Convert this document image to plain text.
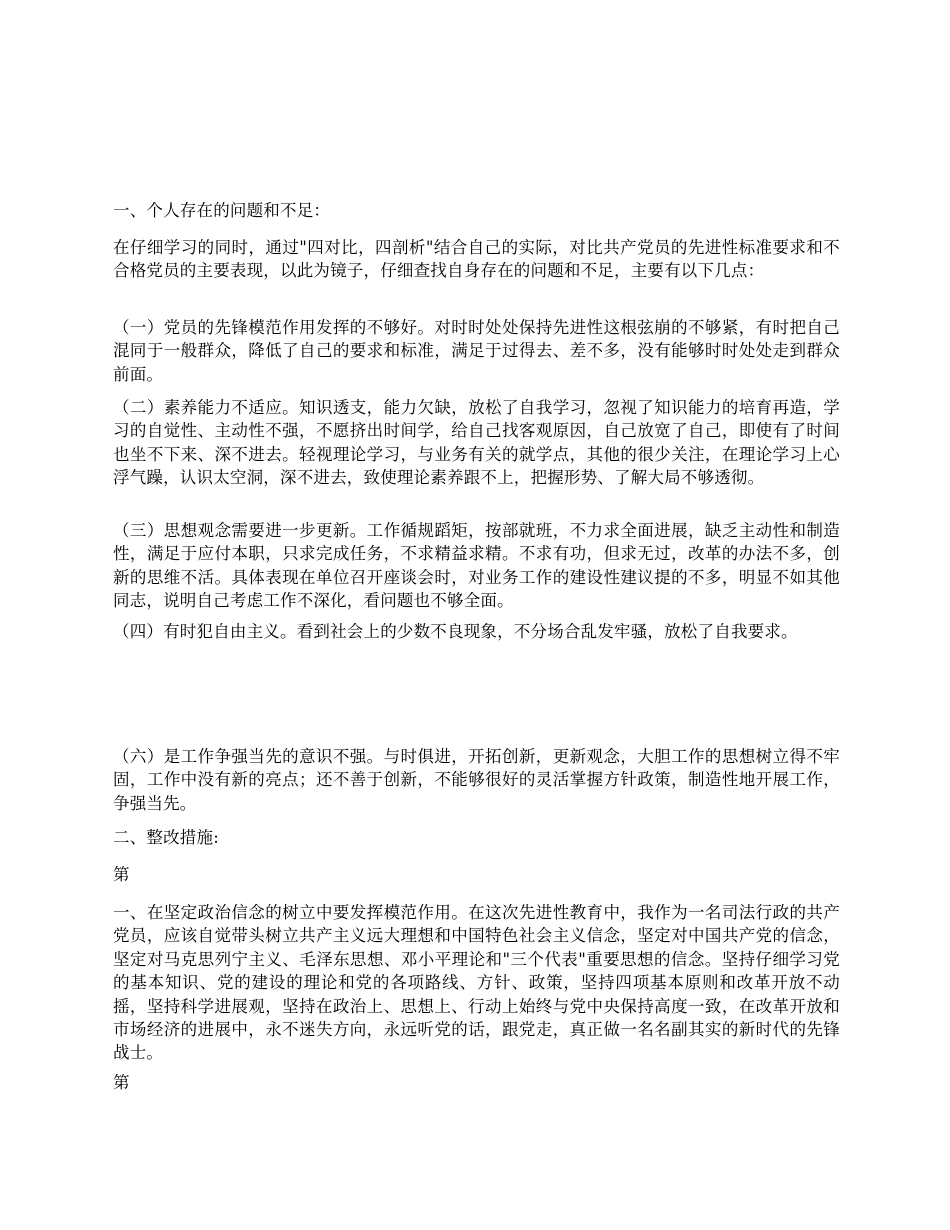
一、个人存在的问题和不足：

在仔细学习的同时，通过"四对比，四剖析"结合自己的实际，对比共产党员的先进性标准要求和不合格党员的主要表现，以此为镜子，仔细查找自身存在的问题和不足，主要有以下几点：

（一）党员的先锋模范作用发挥的不够好。对时时处处保持先进性这根弦崩的不够紧，有时把自己混同于一般群众，降低了自己的要求和标准，满足于过得去、差不多，没有能够时时处处走到群众前面。

（二）素养能力不适应。知识透支，能力欠缺，放松了自我学习，忽视了知识能力的培育再造，学习的自觉性、主动性不强，不愿挤出时间学，给自己找客观原因，自己放宽了自己，即使有了时间也坐不下来、深不进去。轻视理论学习，与业务有关的就学点，其他的很少关注，在理论学习上心浮气躁，认识太空洞，深不进去，致使理论素养跟不上，把握形势、了解大局不够透彻。

（三）思想观念需要进一步更新。工作循规蹈矩，按部就班，不力求全面进展，缺乏主动性和制造性，满足于应付本职，只求完成任务，不求精益求精。不求有功，但求无过，改革的办法不多，创新的思维不活。具体表现在单位召开座谈会时，对业务工作的建设性建议提的不多，明显不如其他同志，说明自己考虑工作不深化，看问题也不够全面。

（四）有时犯自由主义。看到社会上的少数不良现象，不分场合乱发牢骚，放松了自我要求。

（六）是工作争强当先的意识不强。与时俱进，开拓创新，更新观念，大胆工作的思想树立得不牢固，工作中没有新的亮点；还不善于创新，不能够很好的灵活掌握方针政策，制造性地开展工作，争强当先。

二、整改措施:

第

一、在坚定政治信念的树立中要发挥模范作用。在这次先进性教育中，我作为一名司法行政的共产党员，应该自觉带头树立共产主义远大理想和中国特色社会主义信念，坚定对中国共产党的信念，坚定对马克思列宁主义、毛泽东思想、邓小平理论和"三个代表"重要思想的信念。坚持仔细学习党的基本知识、党的建设的理论和党的各项路线、方针、政策，坚持四项基本原则和改革开放不动摇，坚持科学进展观，坚持在政治上、思想上、行动上始终与党中央保持高度一致，在改革开放和市场经济的进展中，永不迷失方向，永远听党的话，跟党走，真正做一名名副其实的新时代的先锋战士。

第
